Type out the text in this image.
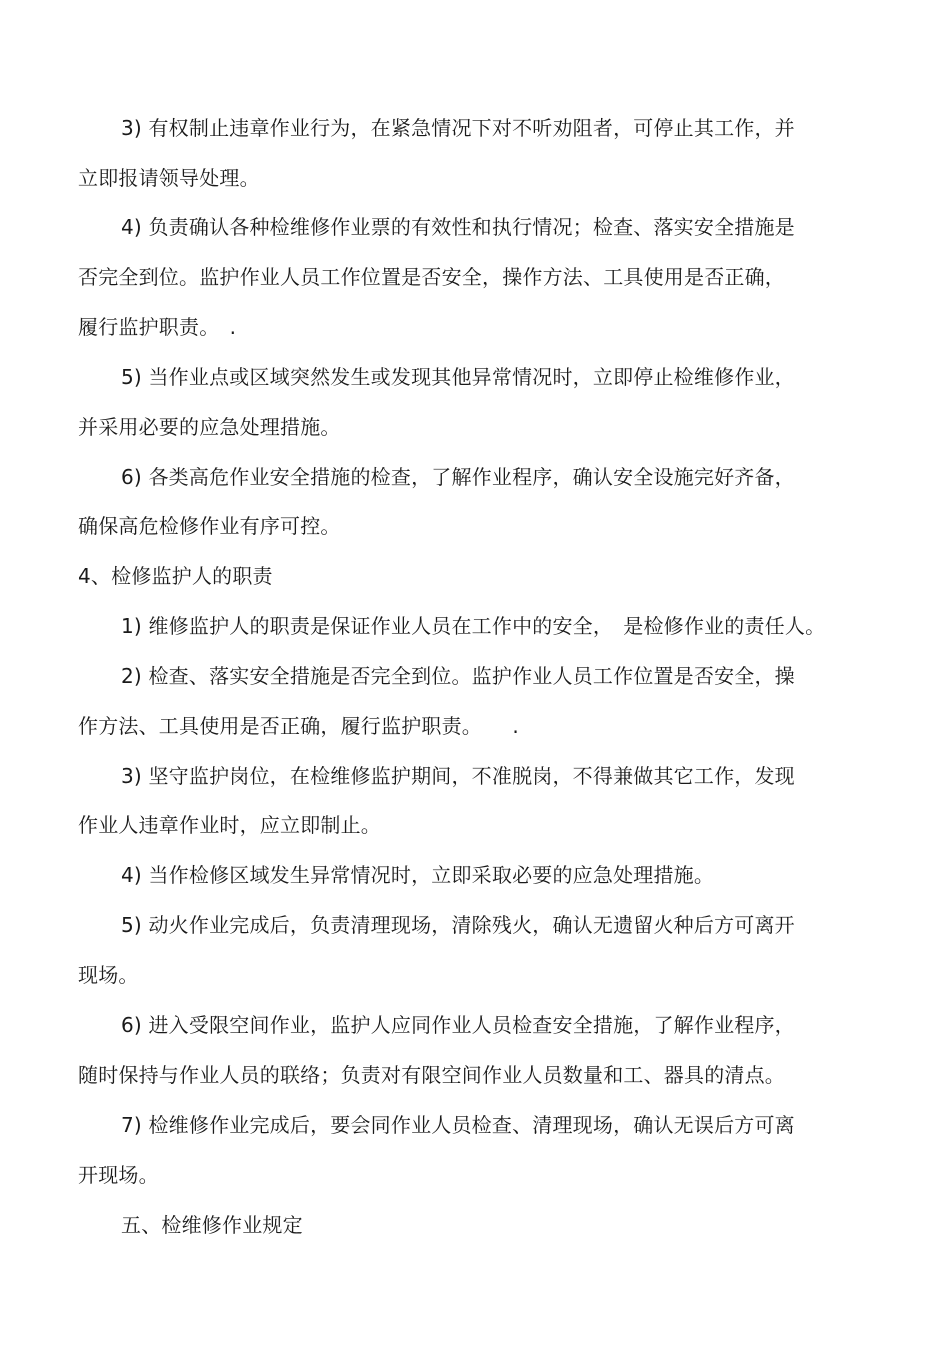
3) 有权制止违章作业行为，在紧急情况下对不听劝阻者，可停止其工作，并
立即报请领导处理。
4) 负责确认各种检维修作业票的有效性和执行情况；检查、落实安全措施是
否完全到位。监护作业人员工作位置是否安全，操作方法、工具使用是否正确，
履行监护职责。　.
5) 当作业点或区域突然发生或发现其他异常情况时，立即停止检维修作业，
并采用必要的应急处理措施。
6) 各类高危作业安全措施的检查，了解作业程序，确认安全设施完好齐备，
确保高危检修作业有序可控。
4、检修监护人的职责
1) 维修监护人的职责是保证作业人员在工作中的安全，　是检修作业的责任人。
2) 检查、落实安全措施是否完全到位。监护作业人员工作位置是否安全，操
作方法、工具使用是否正确，履行监护职责。　　.
3) 坚守监护岗位，在检维修监护期间，不准脱岗，不得兼做其它工作，发现
作业人违章作业时，应立即制止。
4) 当作检修区域发生异常情况时，立即采取必要的应急处理措施。
5) 动火作业完成后，负责清理现场，清除残火，确认无遗留火种后方可离开
现场。
6) 进入受限空间作业，监护人应同作业人员检查安全措施，了解作业程序，
随时保持与作业人员的联络；负责对有限空间作业人员数量和工、器具的清点。
7) 检维修作业完成后，要会同作业人员检查、清理现场，确认无误后方可离
开现场。
五、检维修作业规定
